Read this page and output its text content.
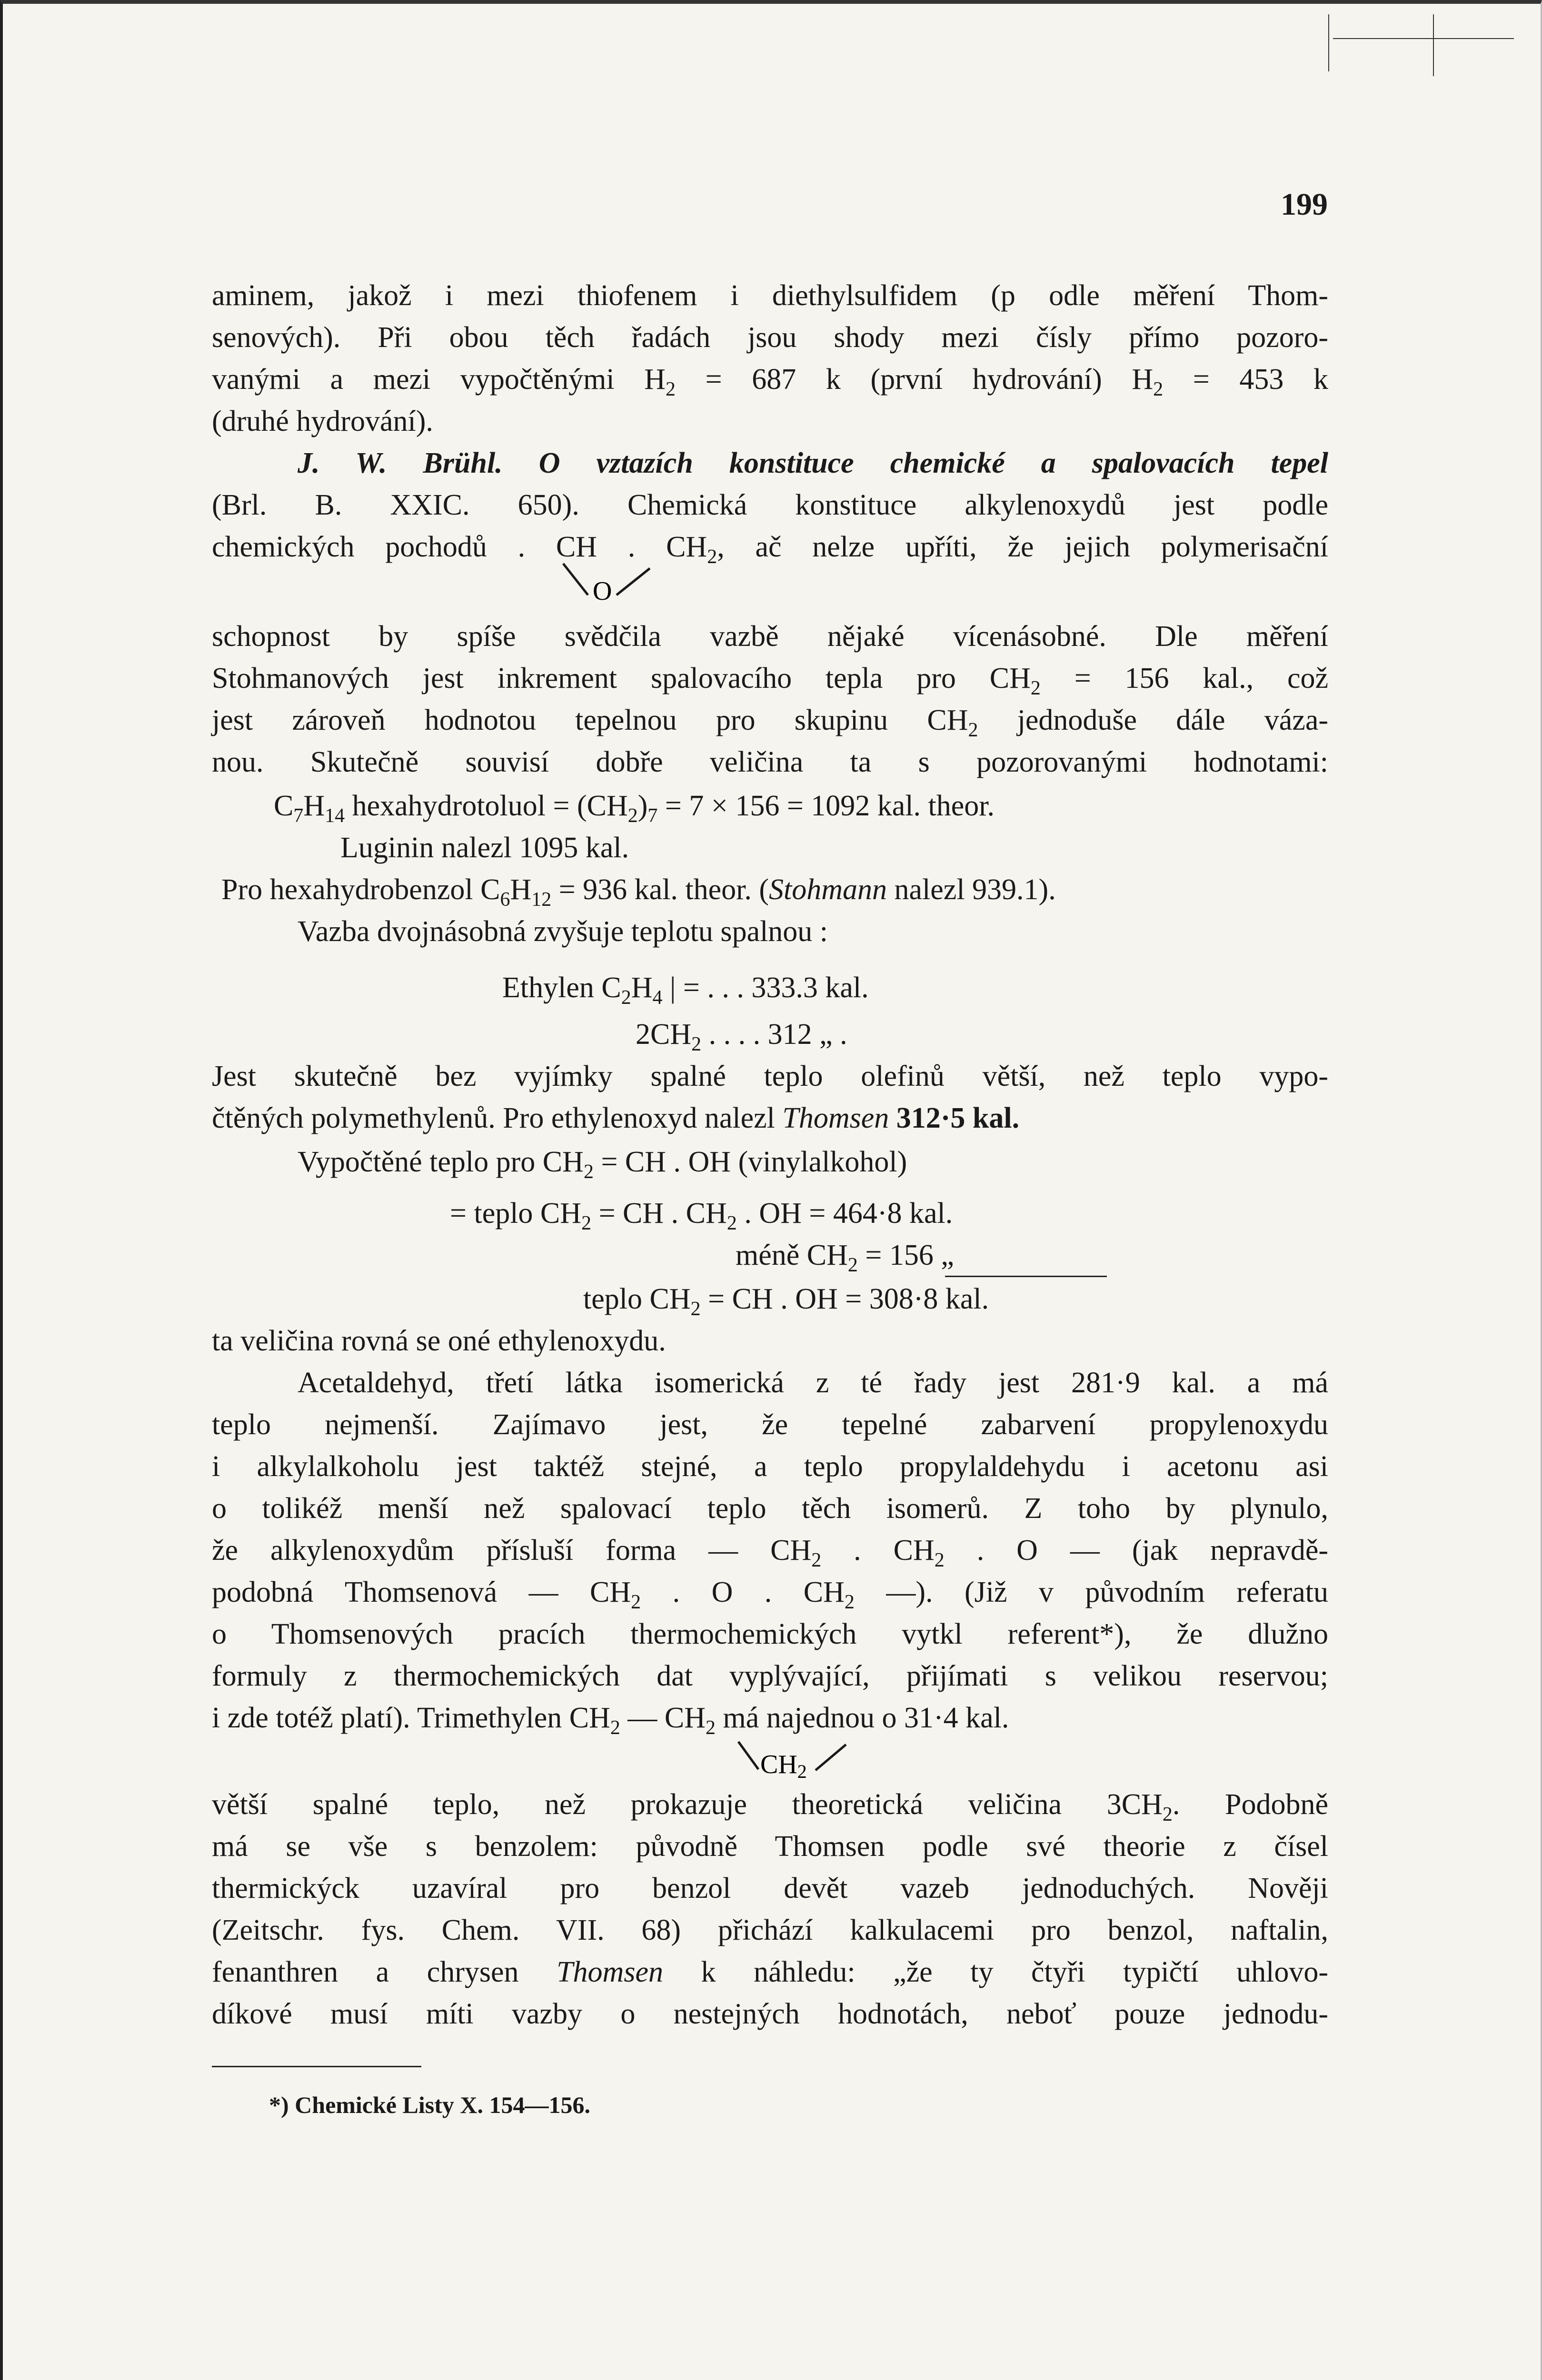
199
aminem, jakož i mezi thiofenem i diethylsulfidem (p odle měření Thom-
senových). Při obou těch řadách jsou shody mezi čísly přímo pozoro-
vanými a mezi vypočtěnými $H_2 = 687$ k (první hydrování) $H_2 = 453$ k
(druhé hydrování).
J. W. Brühl. O vztazích konstituce chemické a spalovacích tepel
(Brl. B. XXIC. 650). Chemická konstituce alkylenoxydů jest podle
chemických pochodů . CH . $CH_2$, ač nelze upříti, že jejich polymerisační
O
schopnost by spíše svědčila vazbě nějaké vícenásobné. Dle měření
Stohmanových jest inkrement spalovacího tepla pro $CH_2 = 156$ kal., což
jest zároveň hodnotou tepelnou pro skupinu $CH_2$ jednoduše dále váza-
nou. Skutečně souvisí dobře veličina ta s pozorovanými hodnotami:
$C_7H_{14}$ hexahydrotoluol = $(CH_2)_7 = 7 \times 156 = 1092$ kal. theor.
Luginin nalezl 1095 kal.
Pro hexahydrobenzol $C_6H_{12} = 936$ kal. theor. (Stohmann nalezl 939.1).
Vazba dvojnásobná zvyšuje teplotu spalnou :
Ethylen $C_2H_4$ | = . . . 333.3 kal.
$2CH_2$ . . . . 312 „ .
Jest skutečně bez vyjímky spalné teplo olefinů větší, než teplo vypo-
čtěných polymethylenů. Pro ethylenoxyd nalezl Thomsen 312·5 kal.
Vypočtěné teplo pro $CH_2$ = CH . OH (vinylalkohol)
= teplo $CH_2$ = CH . $CH_2$ . OH = 464·8 kal.
méně $CH_2 = 156$ „
teplo $CH_2$ = CH . OH = 308·8 kal.
ta veličina rovná se oné ethylenoxydu.
Acetaldehyd, třetí látka isomerická z té řady jest 281·9 kal. a má
teplo nejmenší. Zajímavo jest, že tepelné zabarvení propylenoxydu
i alkylalkoholu jest taktéž stejné, a teplo propylaldehydu i acetonu asi
o tolikéž menší než spalovací teplo těch isomerů. Z toho by plynulo,
že alkylenoxydům přísluší forma — $CH_2$ . $CH_2$ . O — (jak nepravdě-
podobná Thomsenová — $CH_2$ . O . $CH_2$ —). (Již v původním referatu
o Thomsenových pracích thermochemických vytkl referent*), že dlužno
formuly z thermochemických dat vyplývající, přijímati s velikou reservou;
i zde totéž platí). Trimethylen $CH_2$ — $CH_2$ má najednou o 31·4 kal.
CH2
větší spalné teplo, než prokazuje theoretická veličina $3CH_2$. Podobně
má se vše s benzolem: původně Thomsen podle své theorie z čísel
thermickýck uzavíral pro benzol devět vazeb jednoduchých. Nověji
(Zeitschr. fys. Chem. VII. 68) přichází kalkulacemi pro benzol, naftalin,
fenanthren a chrysen Thomsen k náhledu: „že ty čtyři typičtí uhlovo-
díkové musí míti vazby o nestejných hodnotách, neboť pouze jednodu-
*) Chemické Listy X. 154—156.
